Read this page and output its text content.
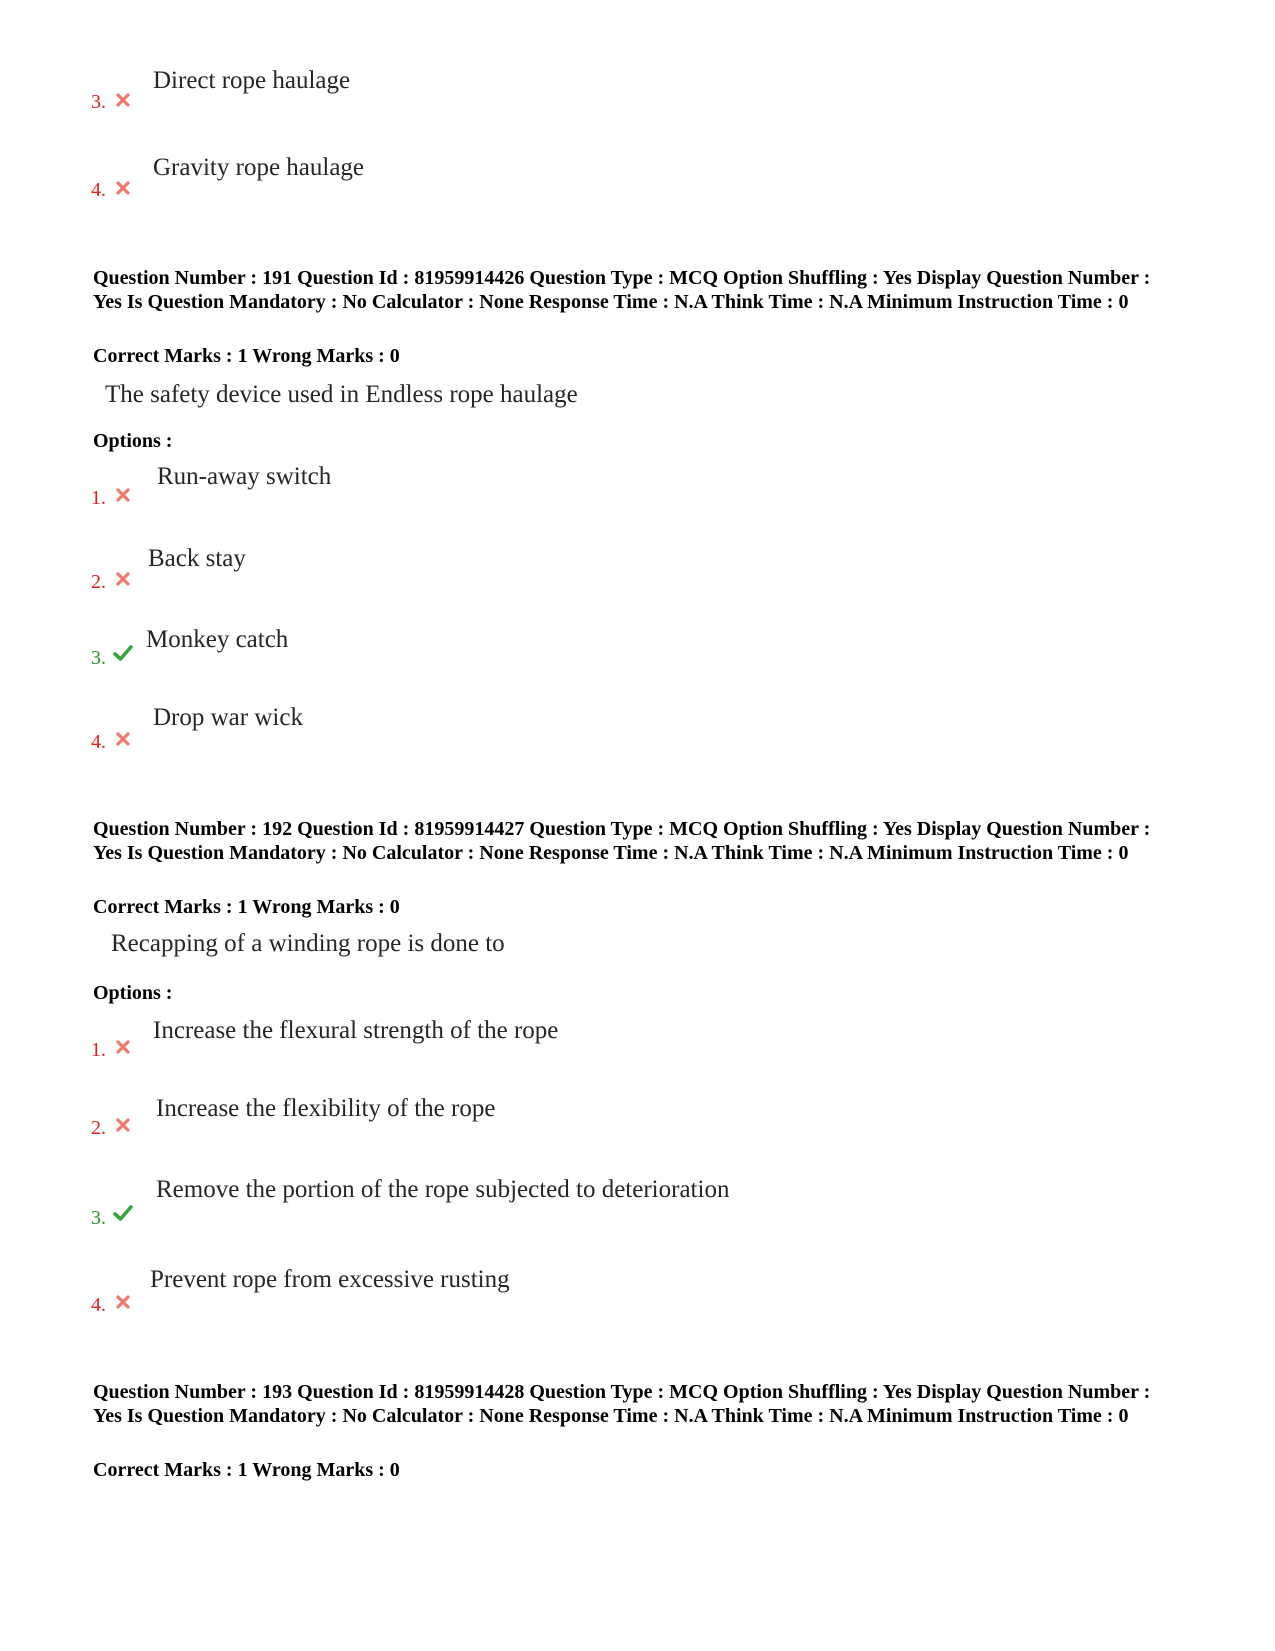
3.
Direct rope haulage
4.
Gravity rope haulage
Question Number : 191 Question Id : 81959914426 Question Type : MCQ Option Shuffling : Yes Display Question Number : Yes Is Question Mandatory : No Calculator : None Response Time : N.A Think Time : N.A Minimum Instruction Time : 0
Correct Marks : 1 Wrong Marks : 0
The safety device used in Endless rope haulage
Options :
1.
Run-away switch
2.
Back stay
3.
Monkey catch
4.
Drop war wick
Question Number : 192 Question Id : 81959914427 Question Type : MCQ Option Shuffling : Yes Display Question Number : Yes Is Question Mandatory : No Calculator : None Response Time : N.A Think Time : N.A Minimum Instruction Time : 0
Correct Marks : 1 Wrong Marks : 0
Recapping of a winding rope is done to
Options :
1.
Increase the flexural strength of the rope
2.
Increase the flexibility of the rope
3.
Remove the portion of the rope subjected to deterioration
4.
Prevent rope from excessive rusting
Question Number : 193 Question Id : 81959914428 Question Type : MCQ Option Shuffling : Yes Display Question Number : Yes Is Question Mandatory : No Calculator : None Response Time : N.A Think Time : N.A Minimum Instruction Time : 0
Correct Marks : 1 Wrong Marks : 0
